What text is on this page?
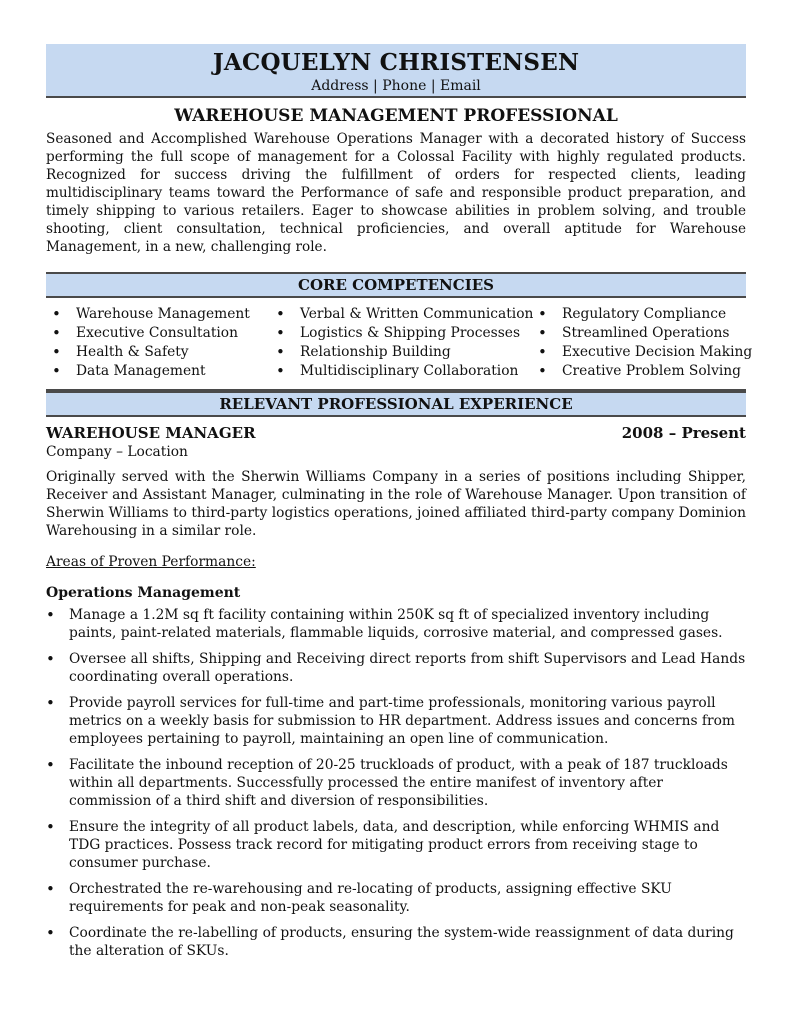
JACQUELYN CHRISTENSEN
Address | Phone | Email
WAREHOUSE MANAGEMENT PROFESSIONAL
Seasoned and Accomplished Warehouse Operations Manager with a decorated history of Success performing the full scope of management for a Colossal Facility with highly regulated products. Recognized for success driving the fulfillment of orders for respected clients, leading multidisciplinary teams toward the Performance of safe and responsible product preparation, and timely shipping to various retailers. Eager to showcase abilities in problem solving, and trouble shooting, client consultation, technical proficiencies, and overall aptitude for Warehouse Management, in a new, challenging role.
CORE COMPETENCIES
• Warehouse Management
• Executive Consultation
• Health & Safety
• Data Management
• Verbal & Written Communication
• Logistics & Shipping Processes
• Relationship Building
• Multidisciplinary Collaboration
• Regulatory Compliance
• Streamlined Operations
• Executive Decision Making
• Creative Problem Solving
RELEVANT PROFESSIONAL EXPERIENCE
WAREHOUSE MANAGER	2008 – Present
Company – Location
Originally served with the Sherwin Williams Company in a series of positions including Shipper, Receiver and Assistant Manager, culminating in the role of Warehouse Manager. Upon transition of Sherwin Williams to third-party logistics operations, joined affiliated third-party company Dominion Warehousing in a similar role.
Areas of Proven Performance:
Operations Management
• Manage a 1.2M sq ft facility containing within 250K sq ft of specialized inventory including paints, paint-related materials, flammable liquids, corrosive material, and compressed gases.
• Oversee all shifts, Shipping and Receiving direct reports from shift Supervisors and Lead Hands coordinating overall operations.
• Provide payroll services for full-time and part-time professionals, monitoring various payroll metrics on a weekly basis for submission to HR department. Address issues and concerns from employees pertaining to payroll, maintaining an open line of communication.
• Facilitate the inbound reception of 20-25 truckloads of product, with a peak of 187 truckloads within all departments. Successfully processed the entire manifest of inventory after commission of a third shift and diversion of responsibilities.
• Ensure the integrity of all product labels, data, and description, while enforcing WHMIS and TDG practices. Possess track record for mitigating product errors from receiving stage to consumer purchase.
• Orchestrated the re-warehousing and re-locating of products, assigning effective SKU requirements for peak and non-peak seasonality.
• Coordinate the re-labelling of products, ensuring the system-wide reassignment of data during the alteration of SKUs.
